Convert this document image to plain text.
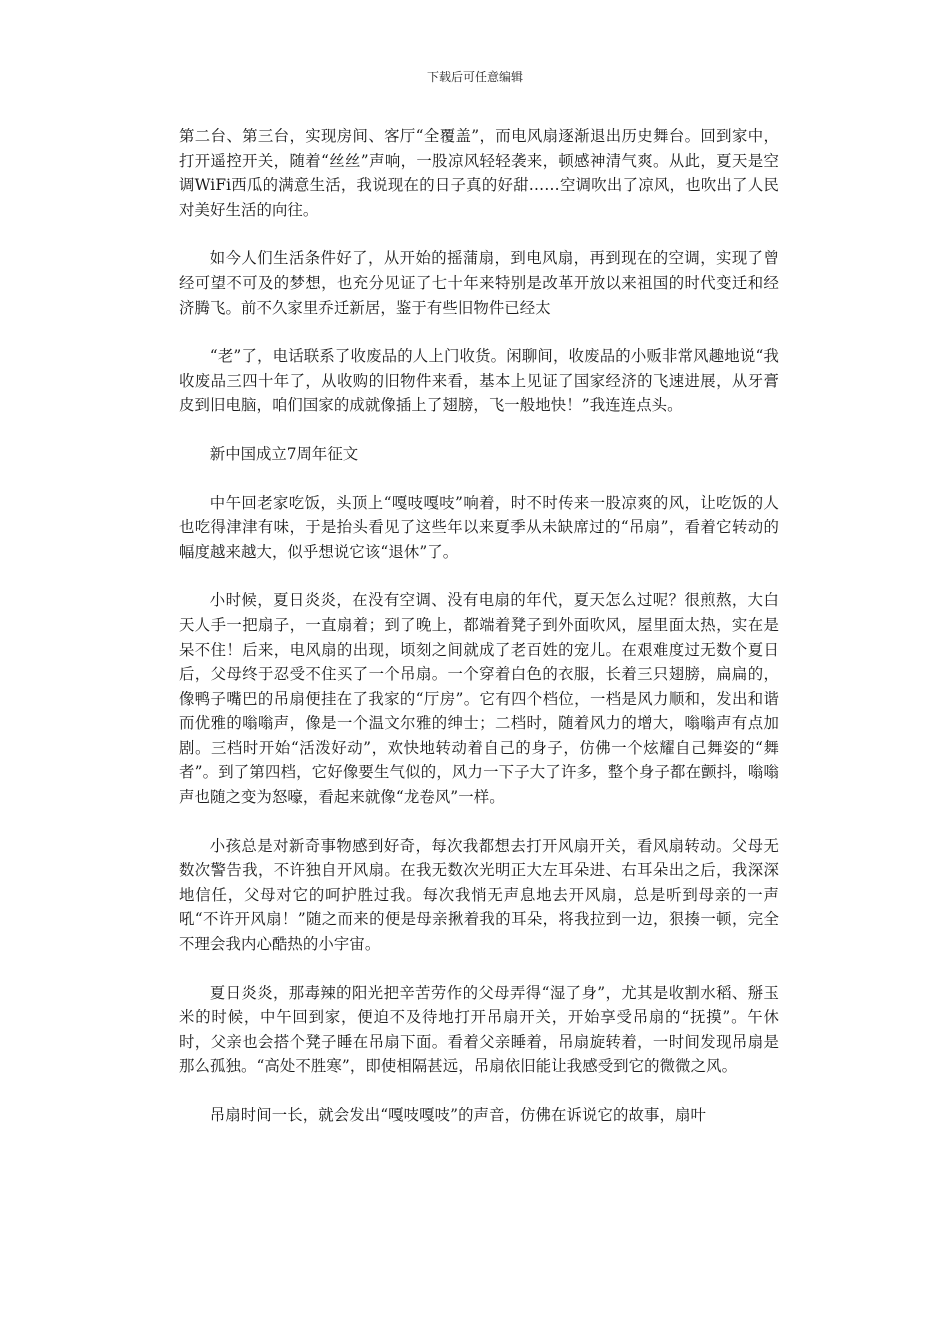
下载后可任意编辑

第二台、第三台，实现房间、客厅“全覆盖”，而电风扇逐渐退出历史舞台。回到家中，打开遥控开关，随着“丝丝”声响，一股凉风轻轻袭来，顿感神清气爽。从此，夏天是空调WiFi西瓜的满意生活，我说现在的日子真的好甜……空调吹出了凉风，也吹出了人民对美好生活的向往。

如今人们生活条件好了，从开始的摇蒲扇，到电风扇，再到现在的空调，实现了曾经可望不可及的梦想，也充分见证了七十年来特别是改革开放以来祖国的时代变迁和经济腾飞。前不久家里乔迁新居，鉴于有些旧物件已经太

“老”了，电话联系了收废品的人上门收货。闲聊间，收废品的小贩非常风趣地说“我收废品三四十年了，从收购的旧物件来看，基本上见证了国家经济的飞速进展，从牙膏皮到旧电脑，咱们国家的成就像插上了翅膀，飞一般地快！”我连连点头。

新中国成立7周年征文

中午回老家吃饭，头顶上“嘎吱嘎吱”响着，时不时传来一股凉爽的风，让吃饭的人也吃得津津有味，于是抬头看见了这些年以来夏季从未缺席过的“吊扇”，看着它转动的幅度越来越大，似乎想说它该“退休”了。

小时候，夏日炎炎，在没有空调、没有电扇的年代，夏天怎么过呢？很煎熬，大白天人手一把扇子，一直扇着；到了晚上，都端着凳子到外面吹风，屋里面太热，实在是呆不住！后来，电风扇的出现，顷刻之间就成了老百姓的宠儿。在艰难度过无数个夏日后，父母终于忍受不住买了一个吊扇。一个穿着白色的衣服，长着三只翅膀，扁扁的，像鸭子嘴巴的吊扇便挂在了我家的“厅房”。它有四个档位，一档是风力顺和，发出和谐而优雅的嗡嗡声，像是一个温文尔雅的绅士；二档时，随着风力的增大，嗡嗡声有点加剧。三档时开始“活泼好动”，欢快地转动着自己的身子，仿佛一个炫耀自己舞姿的“舞者”。到了第四档，它好像要生气似的，风力一下子大了许多，整个身子都在颤抖，嗡嗡声也随之变为怒嚎，看起来就像“龙卷风”一样。

小孩总是对新奇事物感到好奇，每次我都想去打开风扇开关，看风扇转动。父母无数次警告我，不许独自开风扇。在我无数次光明正大左耳朵进、右耳朵出之后，我深深地信任，父母对它的呵护胜过我。每次我悄无声息地去开风扇，总是听到母亲的一声吼“不许开风扇！”随之而来的便是母亲揪着我的耳朵，将我拉到一边，狠揍一顿，完全不理会我内心酷热的小宇宙。

夏日炎炎，那毒辣的阳光把辛苦劳作的父母弄得“湿了身”，尤其是收割水稻、掰玉米的时候，中午回到家，便迫不及待地打开吊扇开关，开始享受吊扇的“抚摸”。午休时，父亲也会搭个凳子睡在吊扇下面。看着父亲睡着，吊扇旋转着，一时间发现吊扇是那么孤独。“高处不胜寒”，即使相隔甚远，吊扇依旧能让我感受到它的微微之风。

吊扇时间一长，就会发出“嘎吱嘎吱”的声音，仿佛在诉说它的故事，扇叶
